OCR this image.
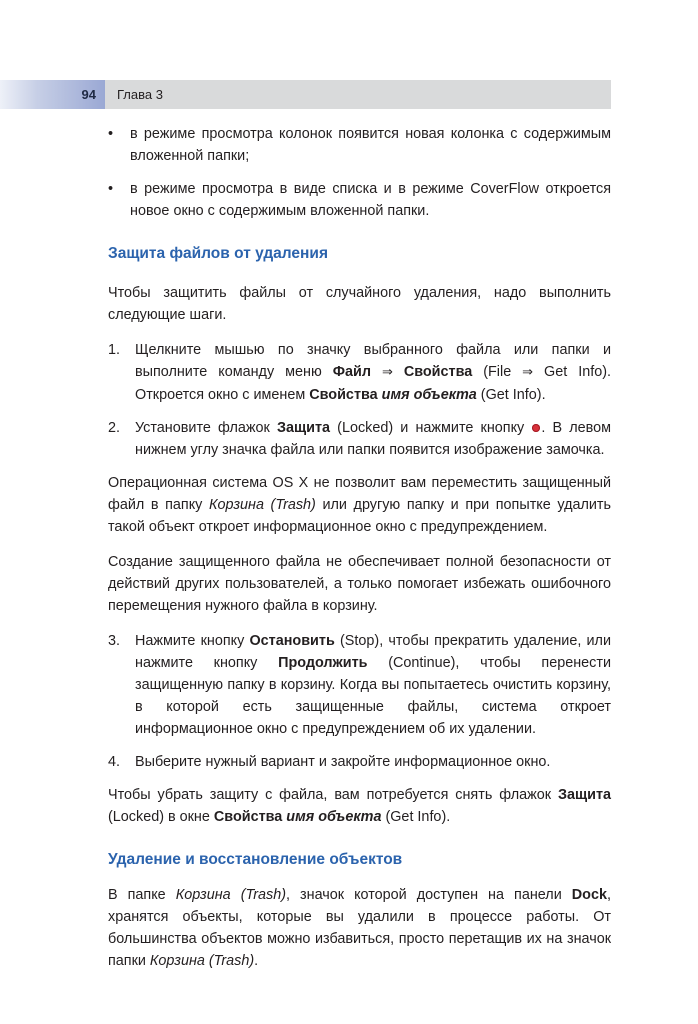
94 Глава 3
• в режиме просмотра колонок появится новая колонка с содержимым вложенной папки;
• в режиме просмотра в виде списка и в режиме CoverFlow откроется новое окно с содержимым вложенной папки.
Защита файлов от удаления

Чтобы защитить файлы от случайного удаления, надо выполнить следующие шаги.

1. Щелкните мышью по значку выбранного файла или папки и выполните команду меню Файл ⇒ Свойства (File ⇒ Get Info). Откроется окно с именем Свойства имя объекта (Get Info).
2. Установите флажок Защита (Locked) и нажмите кнопку . В левом нижнем углу значка файла или папки появится изображение замочка.

Операционная система OS X не позволит вам переместить защищенный файл в папку Корзина (Trash) или другую папку и при попытке удалить такой объект откроет информационное окно с предупреждением.

Создание защищенного файла не обеспечивает полной безопасности от действий других пользователей, а только помогает избежать ошибочного перемещения нужного файла в корзину.

3. Нажмите кнопку Остановить (Stop), чтобы прекратить удаление, или нажмите кнопку Продолжить (Continue), чтобы перенести защищенную папку в корзину. Когда вы попытаетесь очистить корзину, в которой есть защищенные файлы, система откроет информационное окно с предупреждением об их удалении.
4. Выберите нужный вариант и закройте информационное окно.

Чтобы убрать защиту с файла, вам потребуется снять флажок Защита (Locked) в окне Свойства имя объекта (Get Info).

Удаление и восстановление объектов

В папке Корзина (Trash), значок которой доступен на панели Dock, хранятся объекты, которые вы удалили в процессе работы. От большинства объектов можно избавиться, просто перетащив их на значок папки Корзина (Trash).
